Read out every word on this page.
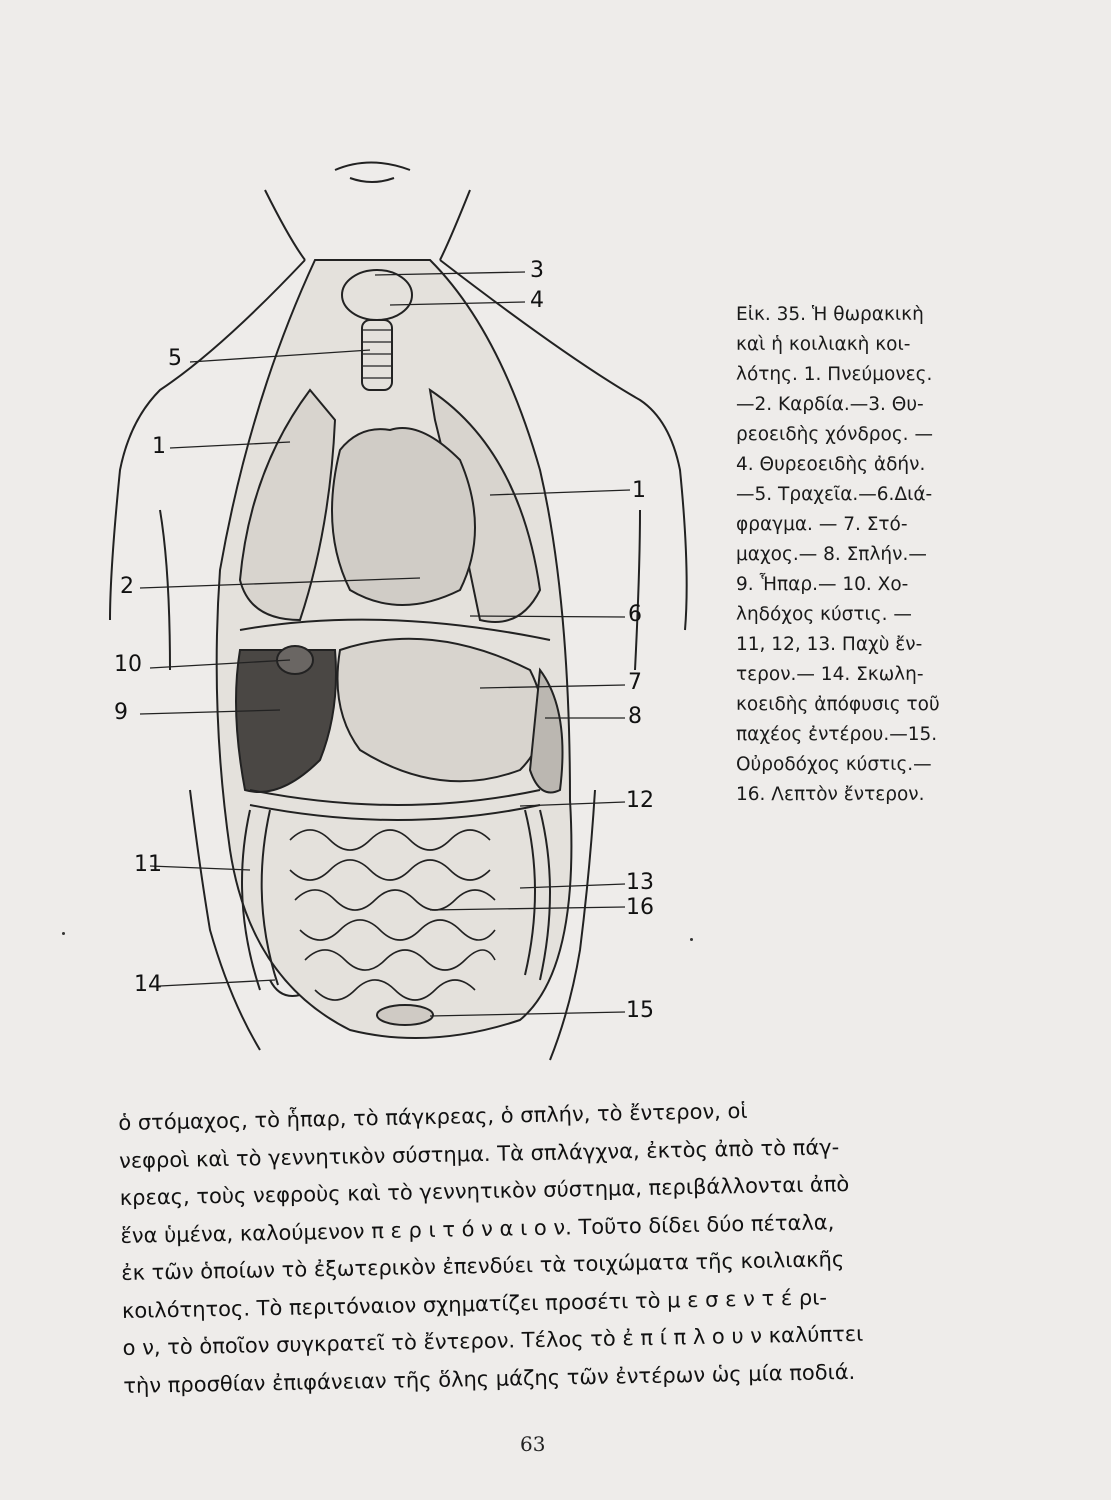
3
4
5
1
1
2
6
10
7
9	8
12
11
13
16
14
15
Εἰκ. 35. Ἡ θωρακικὴ
καὶ ἡ κοιλιακὴ κοι-
λότης. 1. Πνεύμονες.
—2. Καρδία.—3. Θυ-
ρεοειδὴς χόνδρος. —
4. Θυρεοειδὴς ἀδήν.
—5. Τραχεῖα.—6.Διά-
φραγμα. — 7. Στό-
μαχος.— 8. Σπλήν.—
9. Ἧπαρ.— 10. Χο-
ληδόχος κύστις. —
11, 12, 13. Παχὺ ἔν-
τερον.— 14. Σκωλη-
κοειδὴς ἀπόφυσις τοῦ
παχέος ἐντέρου.—15.
Οὐροδόχος κύστις.—
16. Λεπτὸν ἔντερον.
ὁ στόμαχος, τὸ ἧπαρ, τὸ πάγκρεας, ὁ σπλήν, τὸ ἔντερον, οἱ
νεφροὶ καὶ τὸ γεννητικὸν σύστημα. Τὰ σπλάγχνα, ἐκτὸς ἀπὸ τὸ πάγ-
κρεας, τοὺς νεφροὺς καὶ τὸ γεννητικὸν σύστημα, περιβάλλονται ἀπὸ
ἕνα ὑμένα, καλούμενον π ε ρ ι τ ό ν α ι ο ν. Τοῦτο δίδει δύο πέταλα,
ἐκ τῶν ὁποίων τὸ ἐξωτερικὸν ἐπενδύει τὰ τοιχώματα τῆς κοιλιακῆς
κοιλότητος. Τὸ περιτόναιον σχηματίζει προσέτι τὸ μ ε σ ε ν τ έ ρι-
ο ν, τὸ ὁποῖον συγκρατεῖ τὸ ἔντερον. Τέλος τὸ ἐ π ί π λ ο υ ν καλύπτει
τὴν προσθίαν ἐπιφάνειαν τῆς ὅλης μάζης τῶν ἐντέρων ὡς μία ποδιά.
63
